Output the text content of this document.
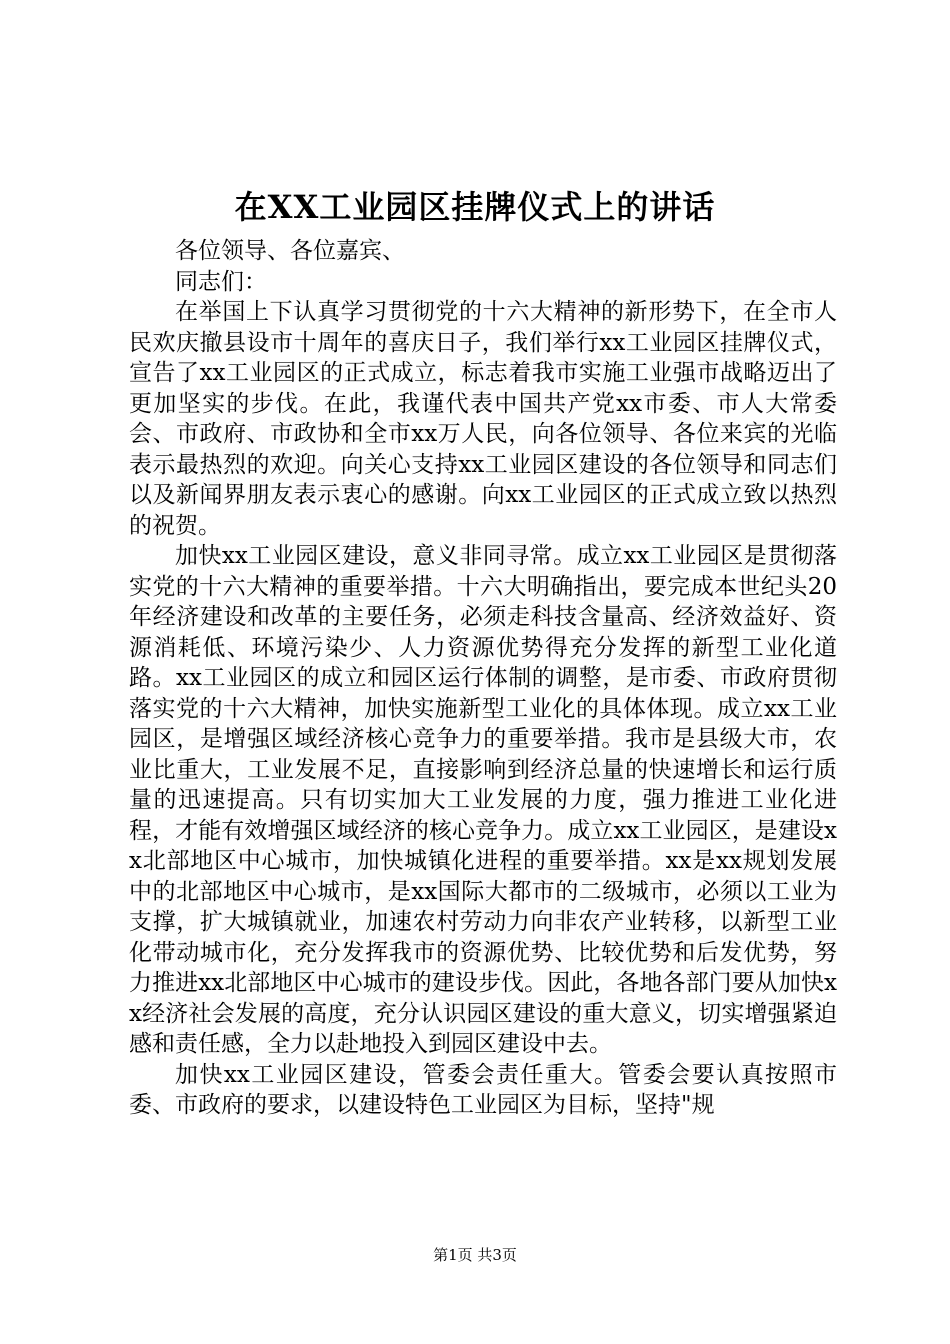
在XX工业园区挂牌仪式上的讲话

各位领导、各位嘉宾、

同志们：

在举国上下认真学习贯彻党的十六大精神的新形势下，在全市人民欢庆撤县设市十周年的喜庆日子，我们举行xx工业园区挂牌仪式，宣告了xx工业园区的正式成立，标志着我市实施工业强市战略迈出了更加坚实的步伐。在此，我谨代表中国共产党xx市委、市人大常委会、市政府、市政协和全市xx万人民，向各位领导、各位来宾的光临表示最热烈的欢迎。向关心支持xx工业园区建设的各位领导和同志们以及新闻界朋友表示衷心的感谢。向xx工业园区的正式成立致以热烈的祝贺。

加快xx工业园区建设，意义非同寻常。成立xx工业园区是贯彻落实党的十六大精神的重要举措。十六大明确指出，要完成本世纪头20年经济建设和改革的主要任务，必须走科技含量高、经济效益好、资源消耗低、环境污染少、人力资源优势得充分发挥的新型工业化道路。xx工业园区的成立和园区运行体制的调整，是市委、市政府贯彻落实党的十六大精神，加快实施新型工业化的具体体现。成立xx工业园区，是增强区域经济核心竞争力的重要举措。我市是县级大市，农业比重大，工业发展不足，直接影响到经济总量的快速增长和运行质量的迅速提高。只有切实加大工业发展的力度，强力推进工业化进程，才能有效增强区域经济的核心竞争力。成立xx工业园区，是建设xx北部地区中心城市，加快城镇化进程的重要举措。xx是xx规划发展中的北部地区中心城市，是xx国际大都市的二级城市，必须以工业为支撑，扩大城镇就业，加速农村劳动力向非农产业转移，以新型工业化带动城市化，充分发挥我市的资源优势、比较优势和后发优势，努力推进xx北部地区中心城市的建设步伐。因此，各地各部门要从加快xx经济社会发展的高度，充分认识园区建设的重大意义，切实增强紧迫感和责任感，全力以赴地投入到园区建设中去。

加快xx工业园区建设，管委会责任重大。管委会要认真按照市委、市政府的要求，以建设特色工业园区为目标，坚持"规

第1页 共3页
